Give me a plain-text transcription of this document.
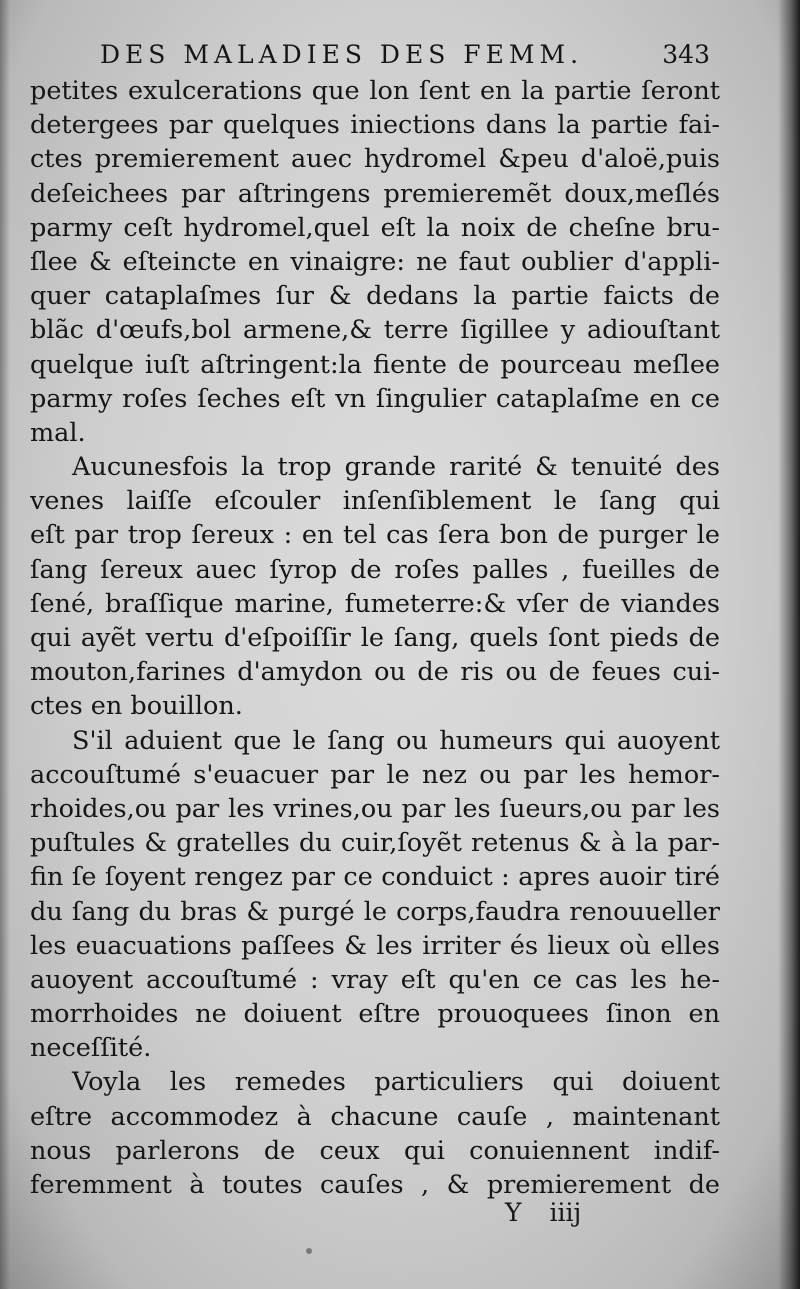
DES MALADIES DES FEMM.	343
petites exulcerations que lon ſent en la partie ſeront
detergees par quelques iniections dans la partie fai-
ctes premierement auec hydromel &peu d'aloë,puis
deſeichees par aſtringens premieremẽt doux,meſlés
parmy ceſt hydromel,quel eſt la noix de cheſne bru-
ſlee & eſteincte en vinaigre: ne faut oublier d'appli-
quer cataplaſmes ſur & dedans la partie faicts de
blãc d'œufs,bol armene,& terre ſigillee y adiouſtant
quelque iuſt aſtringent:la fiente de pourceau meſlee
parmy roſes ſeches eſt vn ſingulier cataplaſme en ce
mal.
Aucunesfois la trop grande rarité & tenuité des
venes laiſſe eſcouler inſenſiblement le ſang qui
eſt par trop ſereux : en tel cas ſera bon de purger le
ſang ſereux auec ſyrop de roſes palles , fueilles de
ſené, braſſique marine, fumeterre:& vſer de viandes
qui ayẽt vertu d'eſpoiſſir le ſang, quels ſont pieds de
mouton,farines d'amydon ou de ris ou de feues cui-
ctes en bouillon.
S'il aduient que le ſang ou humeurs qui auoyent
accouſtumé s'euacuer par le nez ou par les hemor-
rhoides,ou par les vrines,ou par les ſueurs,ou par les
puſtules & gratelles du cuir,ſoyẽt retenus & à la par-
fin ſe ſoyent rengez par ce conduict : apres auoir tiré
du ſang du bras & purgé le corps,faudra renouueller
les euacuations paſſees & les irriter és lieux où elles
auoyent accouſtumé : vray eſt qu'en ce cas les he-
morrhoides ne doiuent eſtre prouoquees ſinon en
neceſſité.
Voyla les remedes particuliers qui doiuent
eſtre accommodez à chacune cauſe , maintenant
nous parlerons de ceux qui conuiennent indif-
feremment à toutes cauſes , & premierement de
Y iiij
